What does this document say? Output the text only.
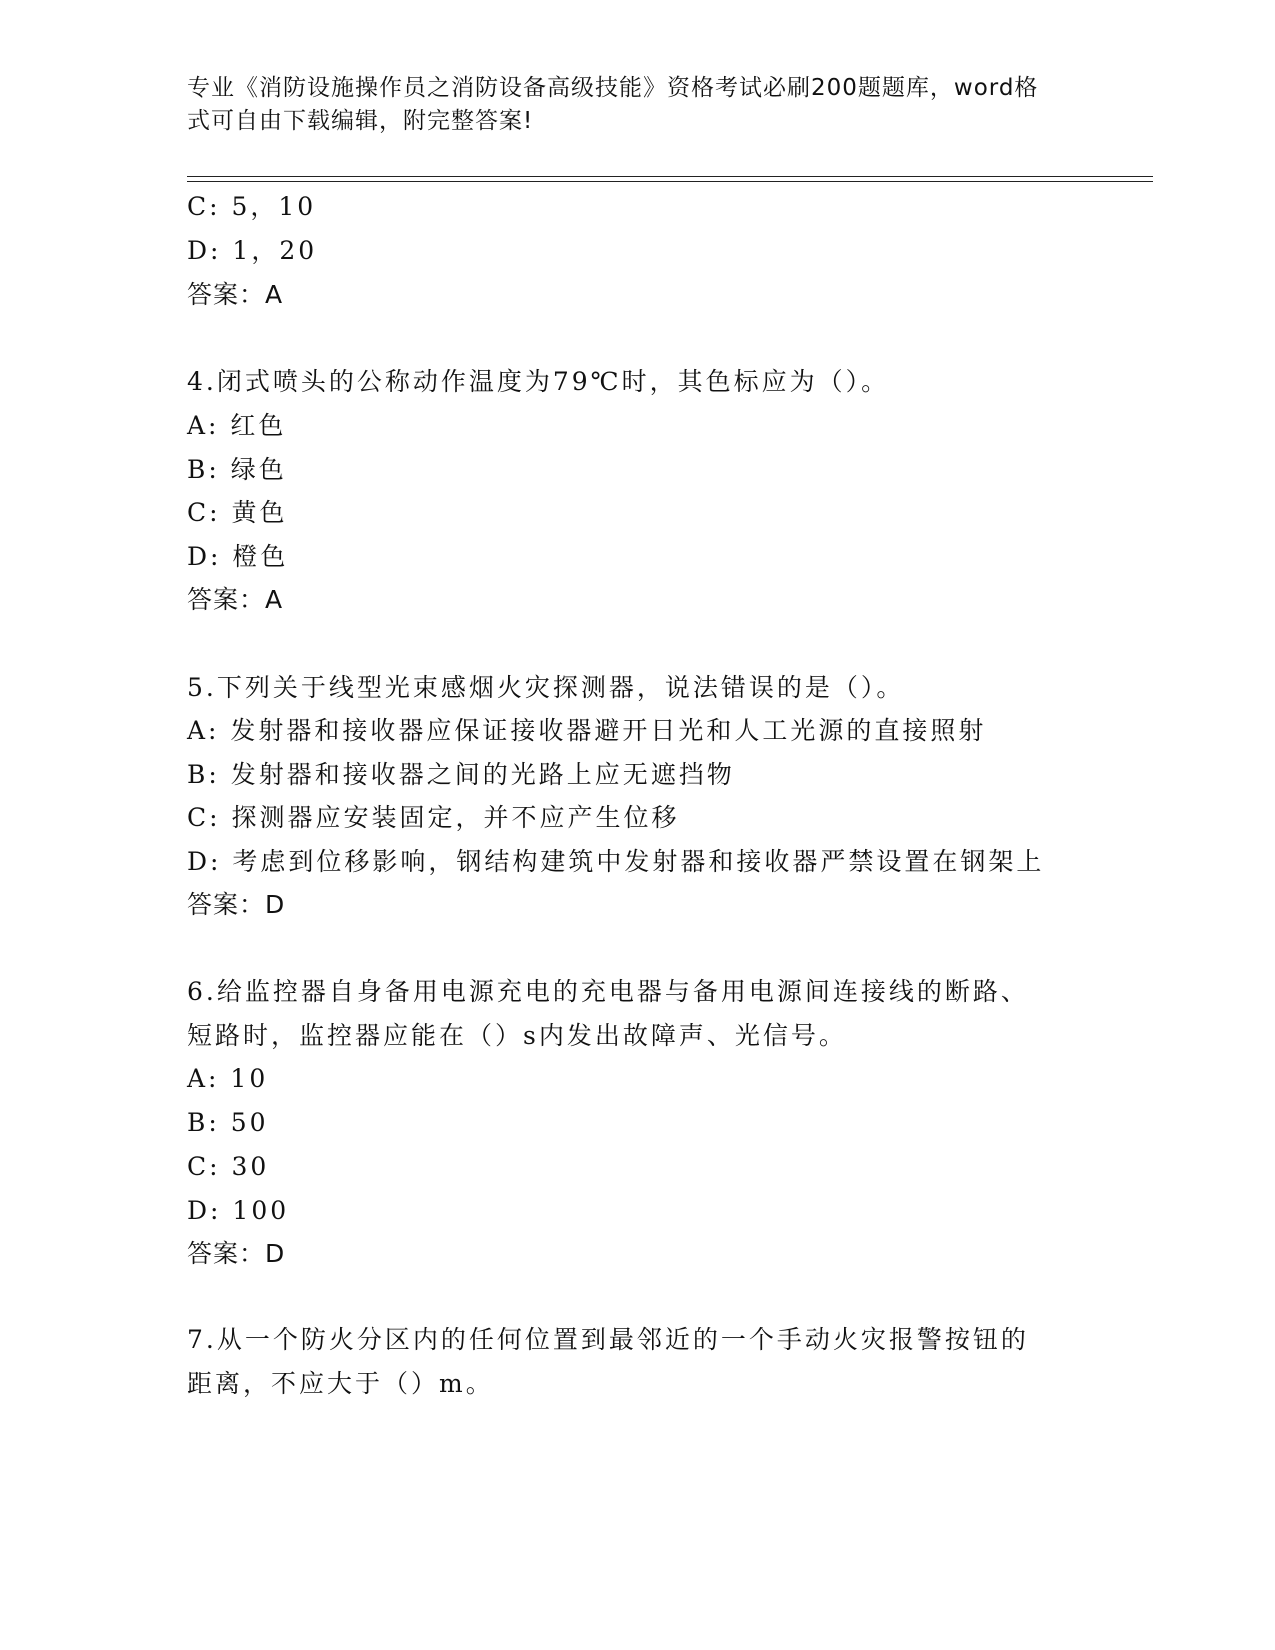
专业《消防设施操作员之消防设备高级技能》资格考试必刷200题题库，word格
式可自由下载编辑，附完整答案!
C: 5，10
D: 1，20
答案：A
4.闭式喷头的公称动作温度为79℃时，其色标应为（）。
A: 红色
B: 绿色
C: 黄色
D: 橙色
答案：A
5.下列关于线型光束感烟火灾探测器，说法错误的是（）。
A: 发射器和接收器应保证接收器避开日光和人工光源的直接照射
B: 发射器和接收器之间的光路上应无遮挡物
C: 探测器应安装固定，并不应产生位移
D: 考虑到位移影响，钢结构建筑中发射器和接收器严禁设置在钢架上
答案：D
6.给监控器自身备用电源充电的充电器与备用电源间连接线的断路、
短路时，监控器应能在（）s内发出故障声、光信号。
A: 10
B: 50
C: 30
D: 100
答案：D
7.从一个防火分区内的任何位置到最邻近的一个手动火灾报警按钮的
距离，不应大于（）m。
